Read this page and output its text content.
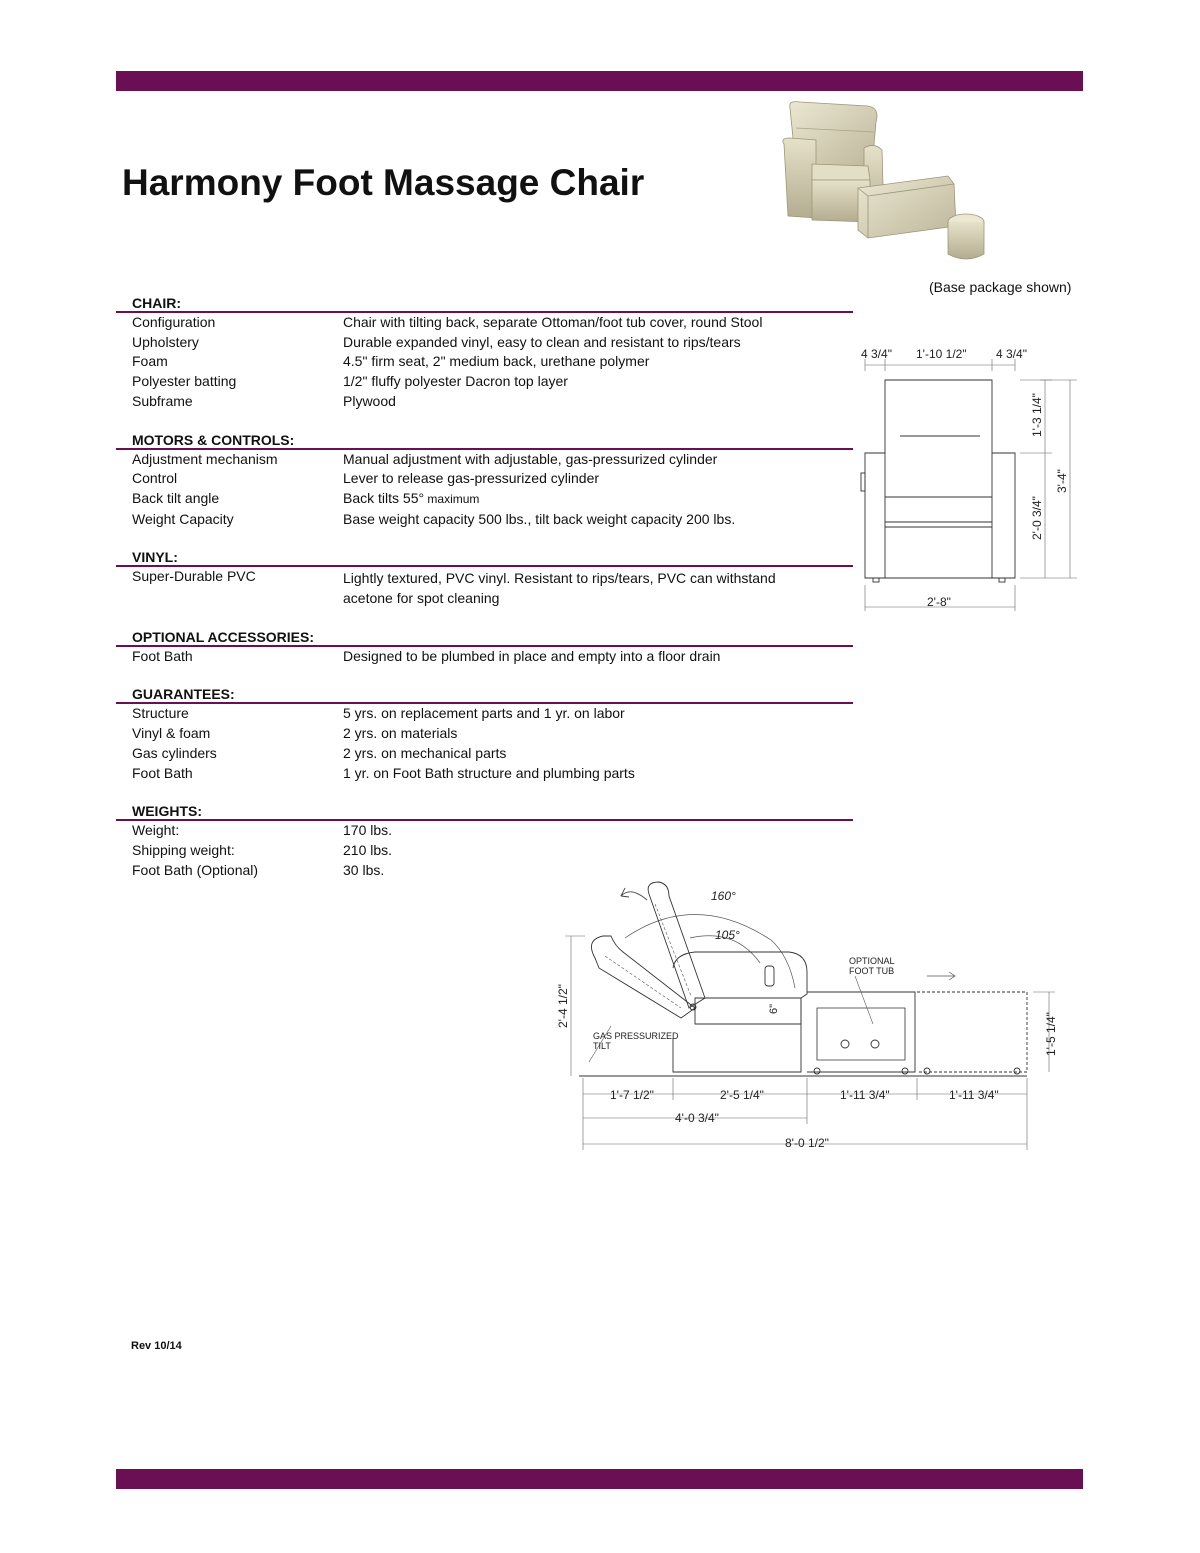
Harmony Foot Massage Chair
(Base package shown)
CHAIR:
Configuration	Chair with tilting back, separate Ottoman/foot tub cover, round Stool
Upholstery	Durable expanded vinyl, easy to clean and resistant to rips/tears
Foam	4.5" firm seat, 2" medium back, urethane polymer
Polyester batting	1/2" fluffy polyester Dacron top layer
Subframe	Plywood
MOTORS & CONTROLS:
Adjustment mechanism	Manual adjustment with adjustable, gas-pressurized cylinder
Control	Lever to release gas-pressurized cylinder
Back tilt angle	Back tilts 55° maximum
Weight Capacity	Base weight capacity 500 lbs., tilt back weight capacity 200 lbs.
VINYL:
Super-Durable PVC	Lightly textured, PVC vinyl. Resistant to rips/tears, PVC can withstand acetone for spot cleaning
OPTIONAL ACCESSORIES:
Foot Bath	Designed to be plumbed in place and empty into a floor drain
GUARANTEES:
Structure	5 yrs. on replacement parts and 1 yr. on labor
Vinyl & foam	2 yrs. on materials
Gas cylinders	2 yrs. on mechanical parts
Foot Bath	1 yr. on Foot Bath structure and plumbing parts
WEIGHTS:
Weight:	170 lbs.
Shipping weight:	210 lbs.
Foot Bath (Optional)	30 lbs.
4 3/4" 1'-10 1/2" 4 3/4"
1'-3 1/4"
2'-0 3/4"
3'-4"
2'-8"
160°
105°
6"
OPTIONAL
FOOT TUB
GAS PRESSURIZED
TILT
2'-4 1/2"
1'-5 1/4"
1'-7 1/2"	2'-5 1/4"	1'-11 3/4"	1'-11 3/4"
4'-0 3/4"
8'-0 1/2"
Rev 10/14
